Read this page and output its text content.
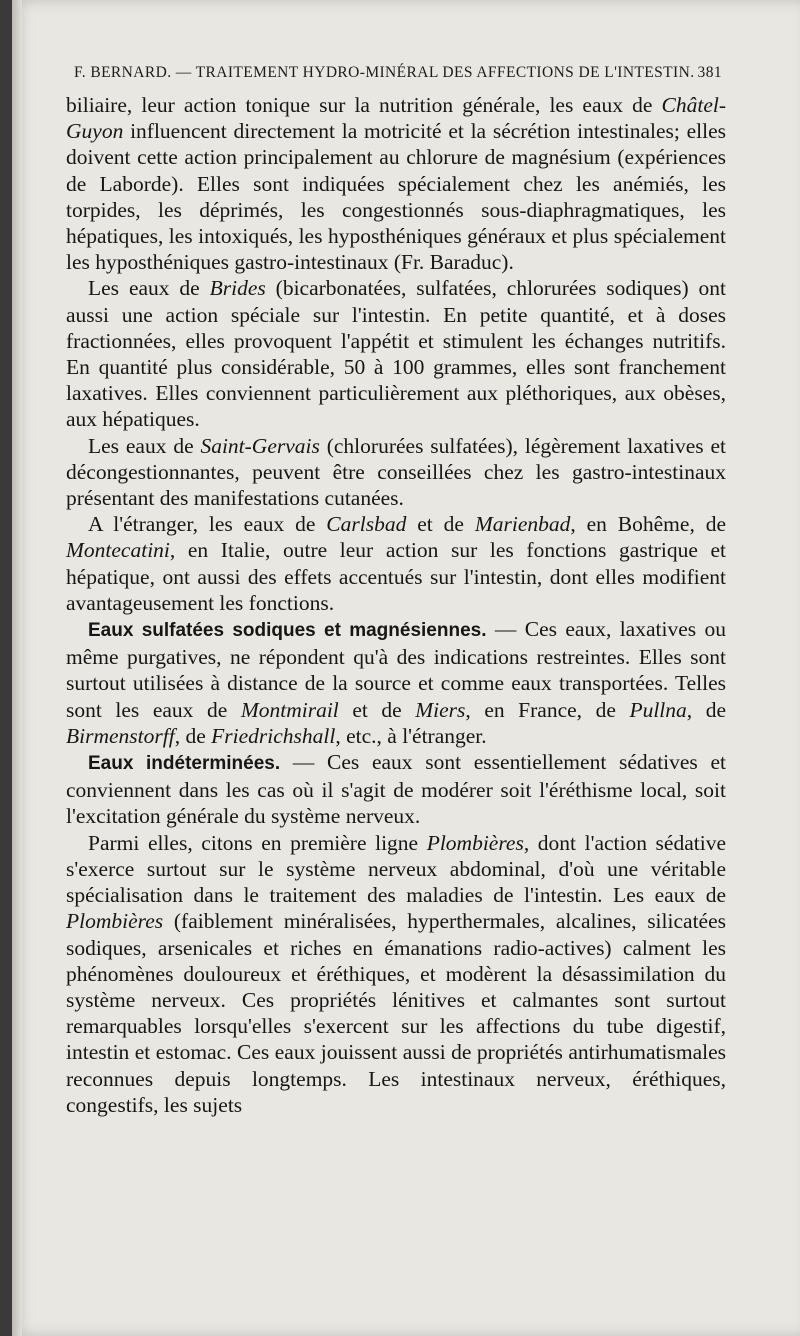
F. BERNARD. — TRAITEMENT HYDRO-MINÉRAL DES AFFECTIONS DE L'INTESTIN. 381

biliaire, leur action tonique sur la nutrition générale, les eaux de Châtel-Guyon influencent directement la motricité et la sécrétion intestinales; elles doivent cette action principalement au chlorure de magnésium (expériences de Laborde). Elles sont indiquées spécialement chez les anémiés, les torpides, les déprimés, les congestionnés sous-diaphragmatiques, les hépatiques, les intoxiqués, les hyposthéniques généraux et plus spécialement les hyposthéniques gastro-intestinaux (Fr. Baraduc).

Les eaux de Brides (bicarbonatées, sulfatées, chlorurées sodiques) ont aussi une action spéciale sur l'intestin. En petite quantité, et à doses fractionnées, elles provoquent l'appétit et stimulent les échanges nutritifs. En quantité plus considérable, 50 à 100 grammes, elles sont franchement laxatives. Elles conviennent particulièrement aux pléthoriques, aux obèses, aux hépatiques.

Les eaux de Saint-Gervais (chlorurées sulfatées), légèrement laxatives et décongestionnantes, peuvent être conseillées chez les gastro-intestinaux présentant des manifestations cutanées.

A l'étranger, les eaux de Carlsbad et de Marienbad, en Bohême, de Montecatini, en Italie, outre leur action sur les fonctions gastrique et hépatique, ont aussi des effets accentués sur l'intestin, dont elles modifient avantageusement les fonctions.

Eaux sulfatées sodiques et magnésiennes. — Ces eaux, laxatives ou même purgatives, ne répondent qu'à des indications restreintes. Elles sont surtout utilisées à distance de la source et comme eaux transportées. Telles sont les eaux de Montmirail et de Miers, en France, de Pullna, de Birmenstorff, de Friedrichshall, etc., à l'étranger.

Eaux indéterminées. — Ces eaux sont essentiellement sédatives et conviennent dans les cas où il s'agit de modérer soit l'éréthisme local, soit l'excitation générale du système nerveux.

Parmi elles, citons en première ligne Plombières, dont l'action sédative s'exerce surtout sur le système nerveux abdominal, d'où une véritable spécialisation dans le traitement des maladies de l'intestin. Les eaux de Plombières (faiblement minéralisées, hyperthermales, alcalines, silicatées sodiques, arsenicales et riches en émanations radio-actives) calment les phénomènes douloureux et éréthiques, et modèrent la désassimilation du système nerveux. Ces propriétés lénitives et calmantes sont surtout remarquables lorsqu'elles s'exercent sur les affections du tube digestif, intestin et estomac. Ces eaux jouissent aussi de propriétés antirhumatismales reconnues depuis longtemps. Les intestinaux nerveux, éréthiques, congestifs, les sujets
